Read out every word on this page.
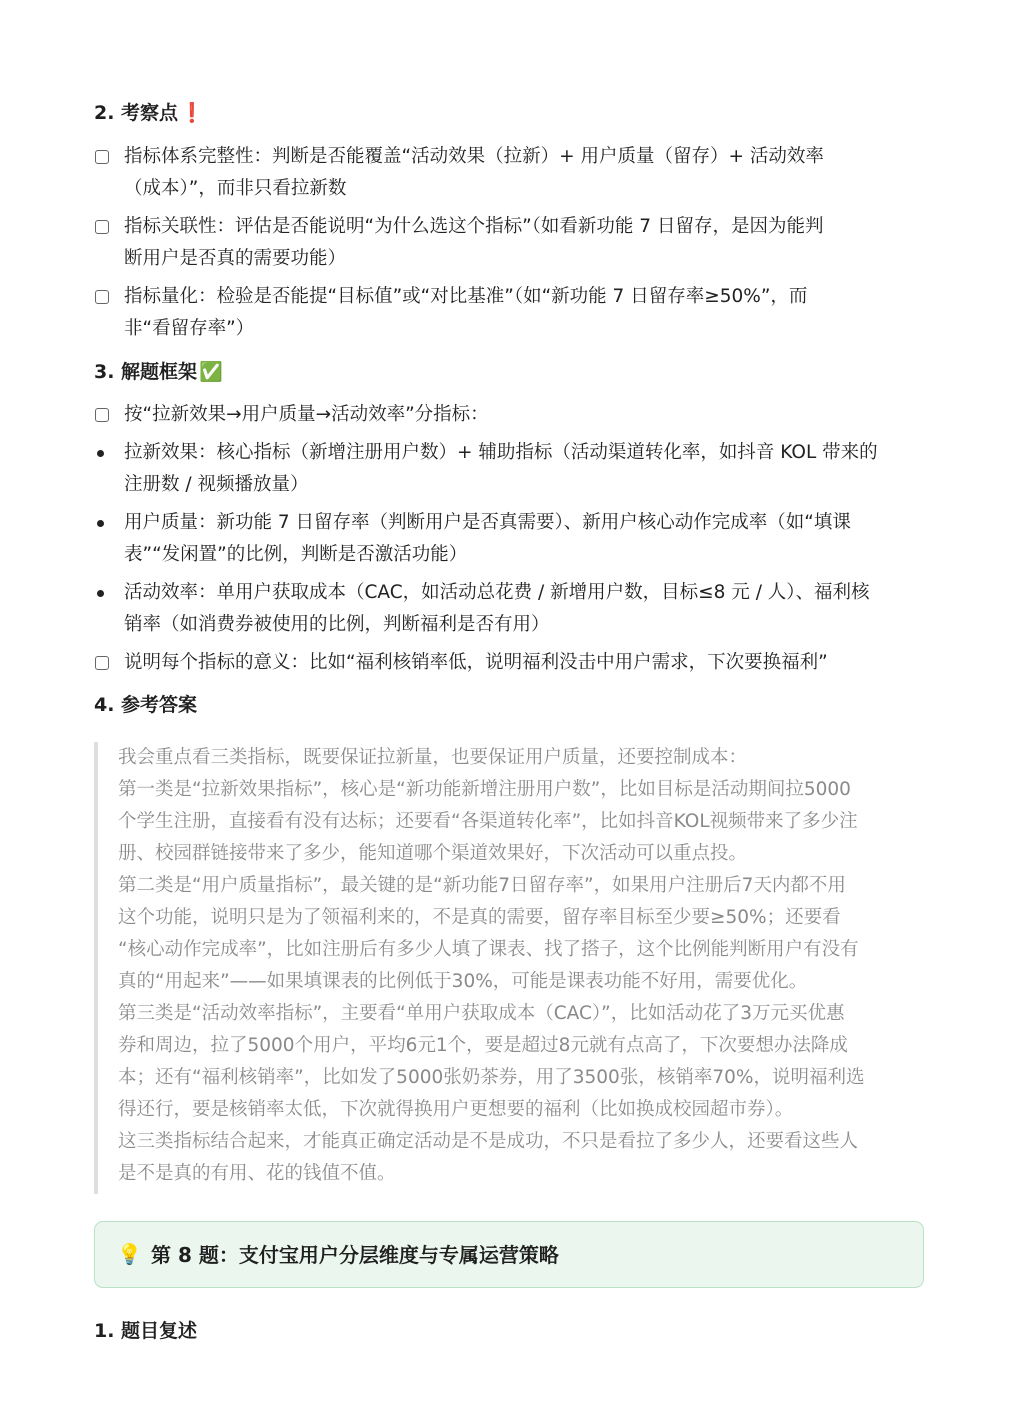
2. 考察点 ❗
指标体系完整性：判断是否能覆盖“活动效果（拉新）+ 用户质量（留存）+ 活动效率
（成本）”，而非只看拉新数
指标关联性：评估是否能说明“为什么选这个指标”（如看新功能 7 日留存，是因为能判
断用户是否真的需要功能）
指标量化：检验是否能提“目标值”或“对比基准”（如“新功能 7 日留存率≥50%”，而
非“看留存率”）
3. 解题框架 ✅
按“拉新效果→用户质量→活动效率”分指标：
拉新效果：核心指标（新增注册用户数）+ 辅助指标（活动渠道转化率，如抖音 KOL 带来的
注册数 / 视频播放量）
用户质量：新功能 7 日留存率（判断用户是否真需要）、新用户核心动作完成率（如“填课
表”“发闲置”的比例，判断是否激活功能）
活动效率：单用户获取成本（CAC，如活动总花费 / 新增用户数，目标≤8 元 / 人）、福利核
销率（如消费券被使用的比例，判断福利是否有用）
说明每个指标的意义：比如“福利核销率低，说明福利没击中用户需求，下次要换福利”
4. 参考答案
我会重点看三类指标，既要保证拉新量，也要保证用户质量，还要控制成本：
第一类是“拉新效果指标”，核心是“新功能新增注册用户数”，比如目标是活动期间拉5000
个学生注册，直接看有没有达标；还要看“各渠道转化率”，比如抖音KOL视频带来了多少注
册、校园群链接带来了多少，能知道哪个渠道效果好，下次活动可以重点投。
第二类是“用户质量指标”，最关键的是“新功能7日留存率”，如果用户注册后7天内都不用
这个功能，说明只是为了领福利来的，不是真的需要，留存率目标至少要≥50%；还要看
“核心动作完成率”，比如注册后有多少人填了课表、找了搭子，这个比例能判断用户有没有
真的“用起来”——如果填课表的比例低于30%，可能是课表功能不好用，需要优化。
第三类是“活动效率指标”，主要看“单用户获取成本（CAC）”，比如活动花了3万元买优惠
券和周边，拉了5000个用户，平均6元1个，要是超过8元就有点高了，下次要想办法降成
本；还有“福利核销率”，比如发了5000张奶茶券，用了3500张，核销率70%，说明福利选
得还行，要是核销率太低，下次就得换用户更想要的福利（比如换成校园超市券）。
这三类指标结合起来，才能真正确定活动是不是成功，不只是看拉了多少人，还要看这些人
是不是真的有用、花的钱值不值。
💡 第 8 题：支付宝用户分层维度与专属运营策略
1. 题目复述
